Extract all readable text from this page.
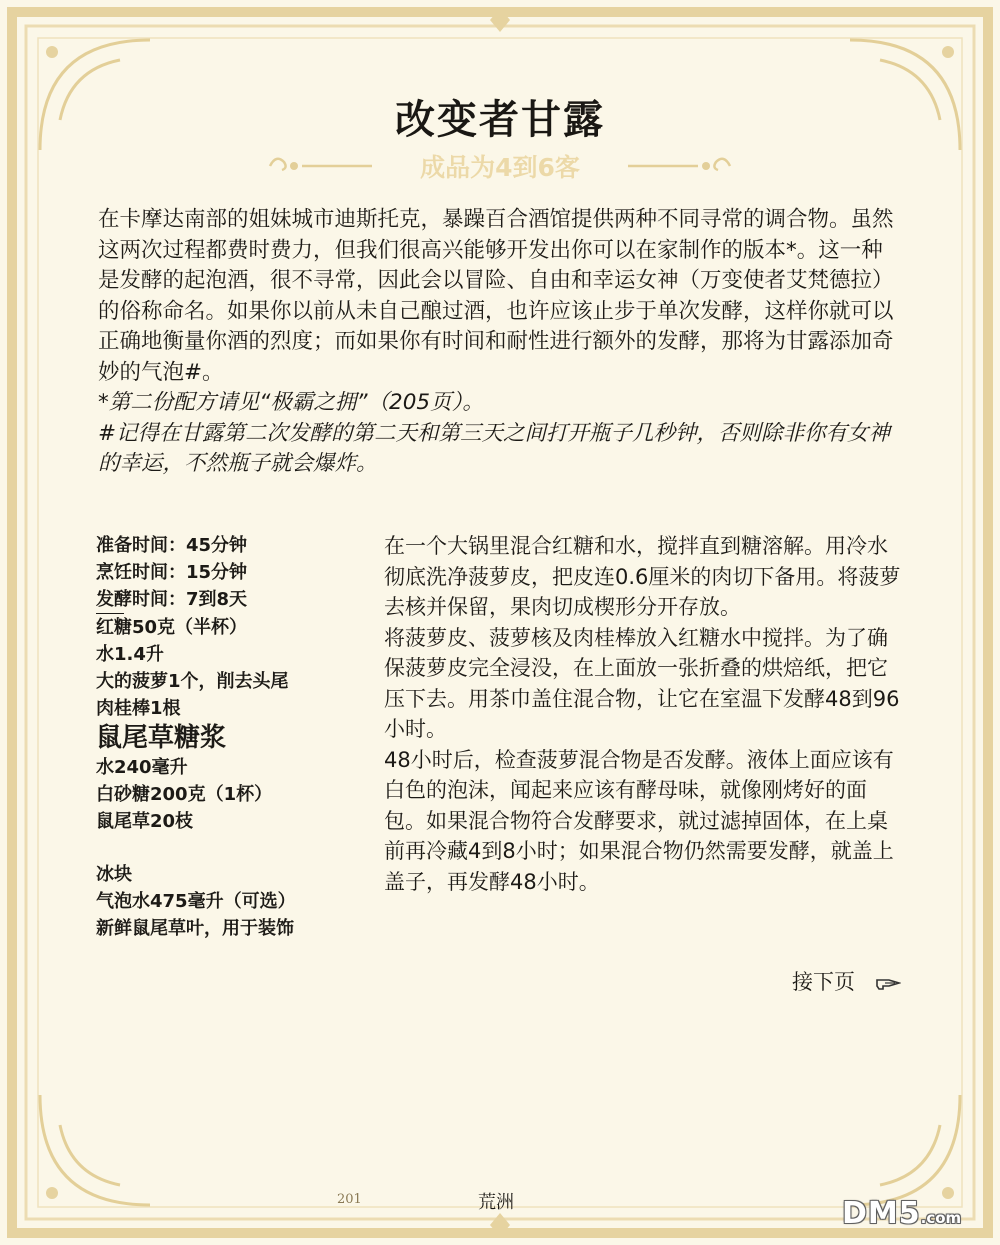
改变者甘露
成品为4到6客

在卡摩达南部的姐妹城市迪斯托克，暴躁百合酒馆提供两种不同寻常的调合物。虽然这两次过程都费时费力，但我们很高兴能够开发出你可以在家制作的版本*。这一种是发酵的起泡酒，很不寻常，因此会以冒险、自由和幸运女神（万变使者艾梵德拉）的俗称命名。如果你以前从未自己酿过酒，也许应该止步于单次发酵，这样你就可以正确地衡量你酒的烈度；而如果你有时间和耐性进行额外的发酵，那将为甘露添加奇妙的气泡#。

*第二份配方请见“极霸之拥”（205页）。

#记得在甘露第二次发酵的第二天和第三天之间打开瓶子几秒钟，否则除非你有女神的幸运，不然瓶子就会爆炸。

准备时间：45分钟
烹饪时间：15分钟
发酵时间：7到8天
红糖50克（半杯）
水1.4升
大的菠萝1个，削去头尾
肉桂棒1根
鼠尾草糖浆
水240毫升
白砂糖200克（1杯）
鼠尾草20枝
冰块
气泡水475毫升（可选）
新鲜鼠尾草叶，用于装饰

在一个大锅里混合红糖和水，搅拌直到糖溶解。用冷水彻底洗净菠萝皮，把皮连0.6厘米的肉切下备用。将菠萝去核并保留，果肉切成楔形分开存放。

将菠萝皮、菠萝核及肉桂棒放入红糖水中搅拌。为了确保菠萝皮完全浸没，在上面放一张折叠的烘焙纸，把它压下去。用茶巾盖住混合物，让它在室温下发酵48到96小时。

48小时后，检查菠萝混合物是否发酵。液体上面应该有白色的泡沫，闻起来应该有酵母味，就像刚烤好的面包。如果混合物符合发酵要求，就过滤掉固体，在上桌前再冷藏4到8小时；如果混合物仍然需要发酵，就盖上盖子，再发酵48小时。

接下页
201	荒洲	DM5.com
